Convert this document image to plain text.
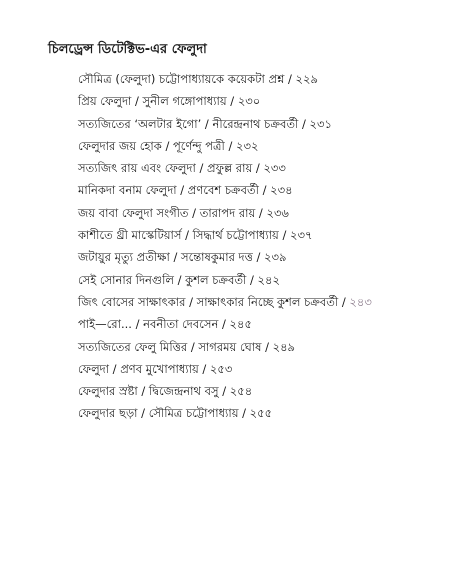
চিলড্রেন্স ডিটেক্টিভ-এর ফেলুদা
সৌমিত্র (ফেলুদা) চট্টোপাধ্যায়কে কয়েকটা প্রশ্ন / ২২৯
প্রিয় ফেলুদা / সুনীল গঙ্গোপাধ্যায় / ২৩০
সত্যজিতের ‘অলটার ইগো’ / নীরেন্দ্রনাথ চক্রবর্তী / ২৩১
ফেলুদার জয় হোক / পূর্ণেন্দু পত্রী / ২৩২
সত্যজিৎ রায় এবং ফেলুদা / প্রফুল্ল রায় / ২৩৩
মানিকদা বনাম ফেলুদা / প্রণবেশ চক্রবর্তী / ২৩৪
জয় বাবা ফেলুদা সংগীত / তারাপদ রায় / ২৩৬
কাশীতে থ্রী মাস্কেটিয়ার্স / সিদ্ধার্থ চট্টোপাধ্যায় / ২৩৭
জটায়ুর মৃত্যু প্রতীক্ষা / সন্তোষকুমার দত্ত / ২৩৯
সেই সোনার দিনগুলি / কুশল চক্রবর্তী / ২৪২
জিৎ বোসের সাক্ষাৎকার / সাক্ষাৎকার নিচ্ছে কুশল চক্রবর্তী / ২৪৩
পাই—রো... / নবনীতা দেবসেন / ২৪৫
সত্যজিতের ফেলু মিত্তির / সাগরময় ঘোষ / ২৪৯
ফেলুদা / প্রণব মুখোপাধ্যায় / ২৫৩
ফেলুদার স্রষ্টা / দ্বিজেন্দ্রনাথ বসু / ২৫৪
ফেলুদার ছড়া / সৌমিত্র চট্টোপাধ্যায় / ২৫৫
